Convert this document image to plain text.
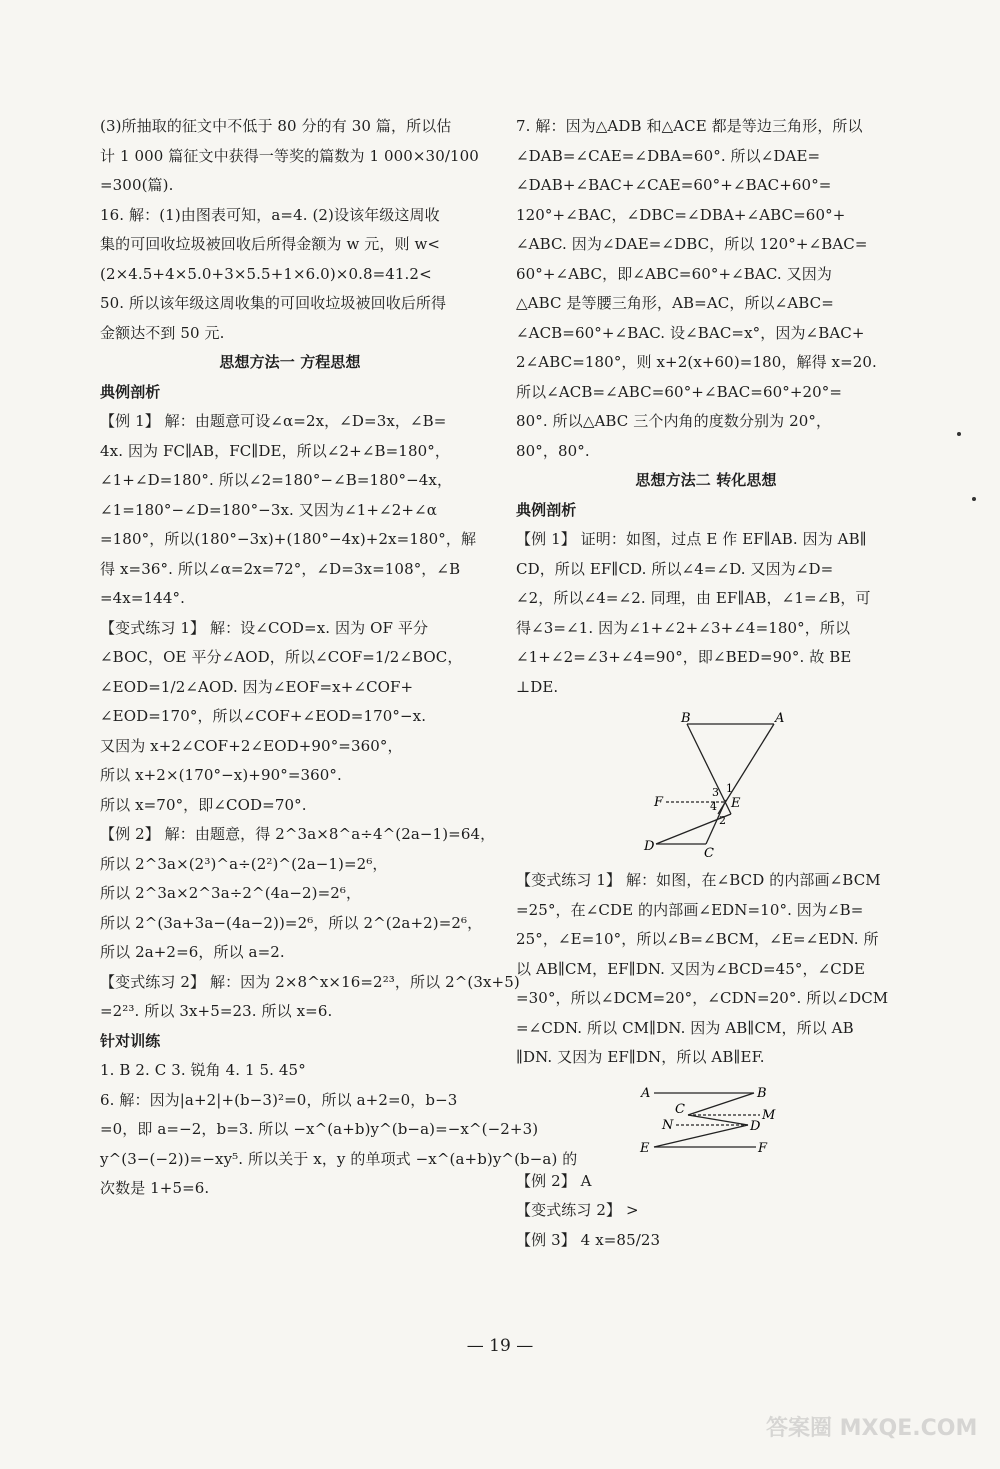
(3)所抽取的征文中不低于 80 分的有 30 篇，所以估
计 1 000 篇征文中获得一等奖的篇数为 1 000×30/100
=300(篇).
16. 解：(1)由图表可知，a=4. (2)设该年级这周收
集的可回收垃圾被回收后所得金额为 w 元，则 w<
(2×4.5+4×5.0+3×5.5+1×6.0)×0.8=41.2<
50. 所以该年级这周收集的可回收垃圾被回收后所得
金额达不到 50 元.
思想方法一 方程思想
典例剖析
【例 1】 解：由题意可设∠α=2x，∠D=3x，∠B=
4x. 因为 FC∥AB，FC∥DE，所以∠2+∠B=180°，
∠1+∠D=180°. 所以∠2=180°−∠B=180°−4x，
∠1=180°−∠D=180°−3x. 又因为∠1+∠2+∠α
=180°，所以(180°−3x)+(180°−4x)+2x=180°，解
得 x=36°. 所以∠α=2x=72°，∠D=3x=108°，∠B
=4x=144°.
【变式练习 1】 解：设∠COD=x. 因为 OF 平分
∠BOC，OE 平分∠AOD，所以∠COF=1/2∠BOC，
∠EOD=1/2∠AOD. 因为∠EOF=x+∠COF+
∠EOD=170°，所以∠COF+∠EOD=170°−x.
又因为 x+2∠COF+2∠EOD+90°=360°，
所以 x+2×(170°−x)+90°=360°.
所以 x=70°，即∠COD=70°.
【例 2】 解：由题意，得 2^3a×8^a÷4^(2a−1)=64，
所以 2^3a×(2³)^a÷(2²)^(2a−1)=2⁶，
所以 2^3a×2^3a÷2^(4a−2)=2⁶，
所以 2^(3a+3a−(4a−2))=2⁶，所以 2^(2a+2)=2⁶，
所以 2a+2=6，所以 a=2.
【变式练习 2】 解：因为 2×8^x×16=2²³，所以 2^(3x+5)
=2²³. 所以 3x+5=23. 所以 x=6.
针对训练
1. B 2. C 3. 锐角 4. 1 5. 45°
6. 解：因为|a+2|+(b−3)²=0，所以 a+2=0，b−3
=0，即 a=−2，b=3. 所以 −x^(a+b)y^(b−a)=−x^(−2+3)
y^(3−(−2))=−xy⁵. 所以关于 x，y 的单项式 −x^(a+b)y^(b−a) 的
次数是 1+5=6.
7. 解：因为△ADB 和△ACE 都是等边三角形，所以
∠DAB=∠CAE=∠DBA=60°. 所以∠DAE=
∠DAB+∠BAC+∠CAE=60°+∠BAC+60°=
120°+∠BAC，∠DBC=∠DBA+∠ABC=60°+
∠ABC. 因为∠DAE=∠DBC，所以 120°+∠BAC=
60°+∠ABC，即∠ABC=60°+∠BAC. 又因为
△ABC 是等腰三角形，AB=AC，所以∠ABC=
∠ACB=60°+∠BAC. 设∠BAC=x°，因为∠BAC+
2∠ABC=180°，则 x+2(x+60)=180，解得 x=20.
所以∠ACB=∠ABC=60°+∠BAC=60°+20°=
80°. 所以△ABC 三个内角的度数分别为 20°，
80°，80°.
思想方法二 转化思想
典例剖析
【例 1】 证明：如图，过点 E 作 EF∥AB. 因为 AB∥
CD，所以 EF∥CD. 所以∠4=∠D. 又因为∠D=
∠2，所以∠4=∠2. 同理，由 EF∥AB，∠1=∠B，可
得∠3=∠1. 因为∠1+∠2+∠3+∠4=180°，所以
∠1+∠2=∠3+∠4=90°，即∠BED=90°. 故 BE
⊥DE.
B	A
F	E
D	C
1
2
3
4
【变式练习 1】 解：如图，在∠BCD 的内部画∠BCM
=25°，在∠CDE 的内部画∠EDN=10°. 因为∠B=
25°，∠E=10°，所以∠B=∠BCM，∠E=∠EDN. 所
以 AB∥CM，EF∥DN. 又因为∠BCD=45°，∠CDE
=30°，所以∠DCM=20°，∠CDN=20°. 所以∠DCM
=∠CDN. 所以 CM∥DN. 因为 AB∥CM，所以 AB
∥DN. 又因为 EF∥DN，所以 AB∥EF.
A	B
C	M
N	D
E	F
【例 2】 A
【变式练习 2】 >
【例 3】 4 x=85/23
— 19 —
答案圈 MXQE.COM
